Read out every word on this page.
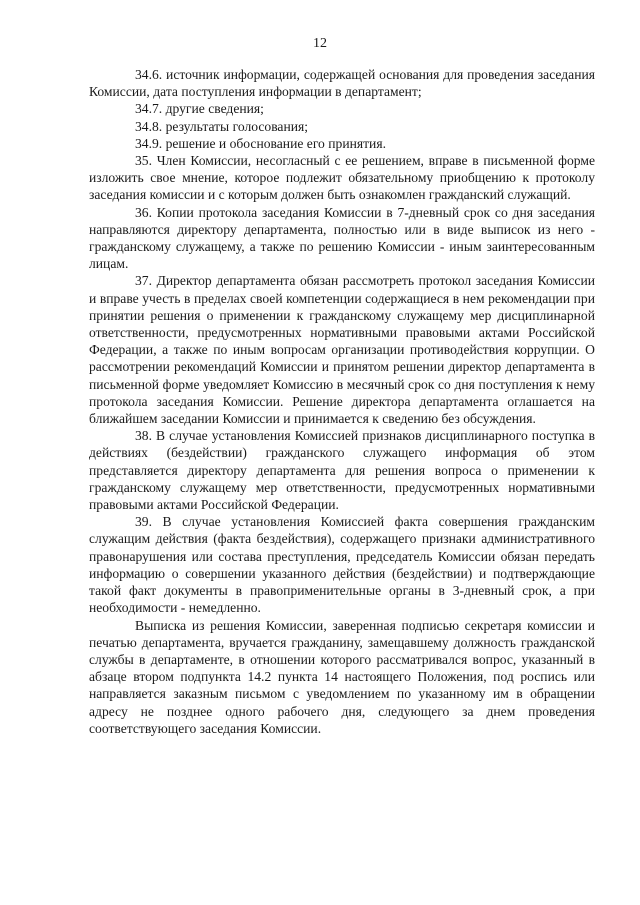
12

34.6. источник информации, содержащей основания для проведения заседания Комиссии, дата поступления информации в департамент;

34.7. другие сведения;

34.8. результаты голосования;

34.9. решение и обоснование его принятия.

35. Член Комиссии, несогласный с ее решением, вправе в письменной форме изложить свое мнение, которое подлежит обязательному приобщению к протоколу заседания комиссии и с которым должен быть ознакомлен гражданский служащий.

36. Копии протокола заседания Комиссии в 7-дневный срок со дня заседания направляются директору департамента, полностью или в виде выписок из него - гражданскому служащему, а также по решению Комиссии - иным заинтересованным лицам.

37. Директор департамента обязан рассмотреть протокол заседания Комиссии и вправе учесть в пределах своей компетенции содержащиеся в нем рекомендации при принятии решения о применении к гражданскому служащему мер дисциплинарной ответственности, предусмотренных нормативными правовыми актами Российской Федерации, а также по иным вопросам организации противодействия коррупции. О рассмотрении рекомендаций Комиссии и принятом решении директор департамента в письменной форме уведомляет Комиссию в месячный срок со дня поступления к нему протокола заседания Комиссии. Решение директора департамента оглашается на ближайшем заседании Комиссии и принимается к сведению без обсуждения.

38. В случае установления Комиссией признаков дисциплинарного поступка в действиях (бездействии) гражданского служащего информация об этом представляется директору департамента для решения вопроса о применении к гражданскому служащему мер ответственности, предусмотренных нормативными правовыми актами Российской Федерации.

39. В случае установления Комиссией факта совершения гражданским служащим действия (факта бездействия), содержащего признаки административного правонарушения или состава преступления, председатель Комиссии обязан передать информацию о совершении указанного действия (бездействии) и подтверждающие такой факт документы в правоприменительные органы в 3-дневный срок, а при необходимости - немедленно.

Выписка из решения Комиссии, заверенная подписью секретаря комиссии и печатью департамента, вручается гражданину, замещавшему должность гражданской службы в департаменте, в отношении которого рассматривался вопрос, указанный в абзаце втором подпункта 14.2 пункта 14 настоящего Положения, под роспись или направляется заказным письмом с уведомлением по указанному им в обращении адресу не позднее одного рабочего дня, следующего за днем проведения соответствующего заседания Комиссии.
